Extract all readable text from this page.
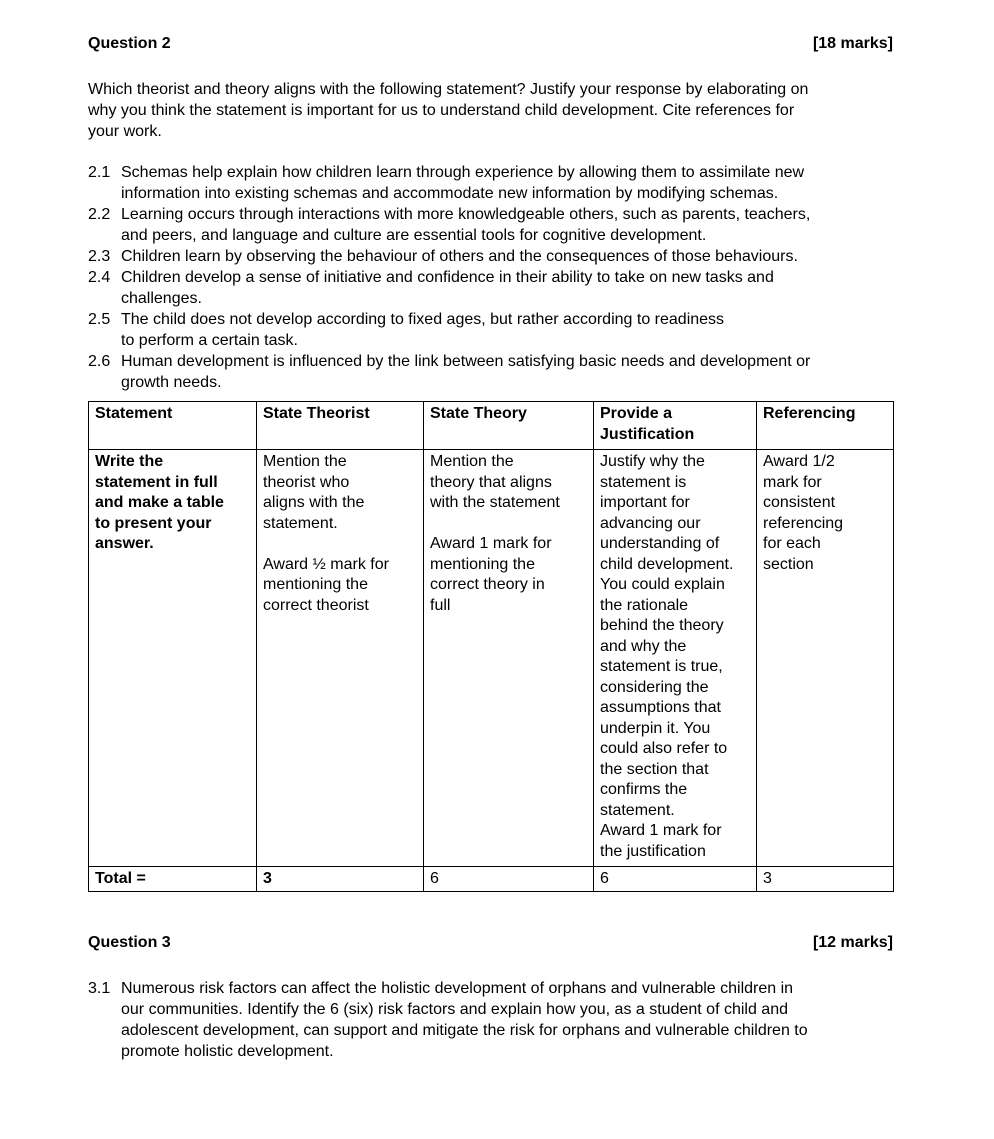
Question 2	[18 marks]

Which theorist and theory aligns with the following statement? Justify your response by elaborating on
why you think the statement is important for us to understand child development. Cite references for
your work.

2.1 Schemas help explain how children learn through experience by allowing them to assimilate new
information into existing schemas and accommodate new information by modifying schemas.
2.2 Learning occurs through interactions with more knowledgeable others, such as parents, teachers,
and peers, and language and culture are essential tools for cognitive development.
2.3 Children learn by observing the behaviour of others and the consequences of those behaviours.
2.4 Children develop a sense of initiative and confidence in their ability to take on new tasks and
challenges.
2.5 The child does not develop according to fixed ages, but rather according to readiness
to perform a certain task.
2.6 Human development is influenced by the link between satisfying basic needs and development or
growth needs.
Statement	State Theorist	State Theory	Provide a
Justification	Referencing
Write the
statement in full
and make a table
to present your
answer.	Mention the
theorist who
aligns with the
statement.

Award ½ mark for
mentioning the
correct theorist	Mention the
theory that aligns
with the statement

Award 1 mark for
mentioning the
correct theory in
full	Justify why the
statement is
important for
advancing our
understanding of
child development.
You could explain
the rationale
behind the theory
and why the
statement is true,
considering the
assumptions that
underpin it. You
could also refer to
the section that
confirms the
statement.
Award 1 mark for
the justification	Award 1/2
mark for
consistent
referencing
for each
section
Total =	3	6	6	3
Question 3	[12 marks]
3.1 Numerous risk factors can affect the holistic development of orphans and vulnerable children in
our communities. Identify the 6 (six) risk factors and explain how you, as a student of child and
adolescent development, can support and mitigate the risk for orphans and vulnerable children to
promote holistic development.
